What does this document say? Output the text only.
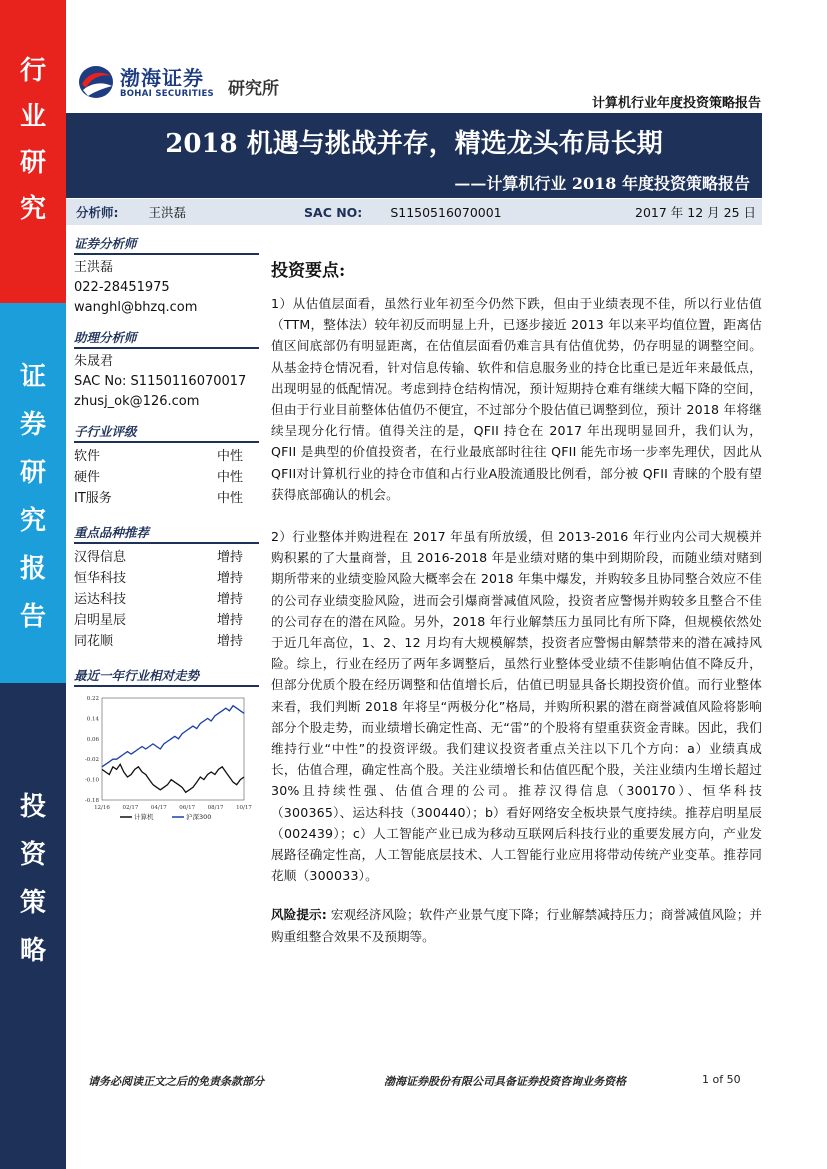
行
业
研
究
证
券
研
究
报
告
投
资
策
略
渤海证券
BOHAI SECURITIES 研究所
计算机行业年度投资策略报告
2018 机遇与挑战并存，精选龙头布局长期
——计算机行业 2018 年度投资策略报告
分析师: 王洪磊	SAC NO: S1150516070001	2017 年 12 月 25 日
证券分析师
王洪磊
022-28451975
wanghl@bhzq.com
助理分析师
朱晟君
SAC No: S1150116070017
zhusj_ok@126.com
子行业评级
软件	中性
硬件	中性
IT服务	中性
重点品种推荐
汉得信息	增持
恒华科技	增持
运达科技	增持
启明星辰	增持
同花顺	增持
最近一年行业相对走势
0.22
0.14
0.06
-0.02
-0.10
-0.18
12/16 02/17 04/17 06/17 08/17 10/17
计算机	沪深300
投资要点:

1）从估值层面看，虽然行业年初至今仍然下跌，但由于业绩表现不佳，所以行业估值（TTM，整体法）较年初反而明显上升，已逐步接近 2013 年以来平均值位置，距离估值区间底部仍有明显距离，在估值层面看仍难言具有估值优势，仍存明显的调整空间。从基金持仓情况看，针对信息传输、软件和信息服务业的持仓比重已是近年来最低点，出现明显的低配情况。考虑到持仓结构情况，预计短期持仓难有继续大幅下降的空间，但由于行业目前整体估值仍不便宜，不过部分个股估值已调整到位，预计 2018 年将继续呈现分化行情。值得关注的是，QFII 持仓在 2017 年出现明显回升，我们认为，QFII 是典型的价值投资者，在行业最底部时往往 QFII 能先市场一步率先理伏，因此从QFII对计算机行业的持仓市值和占行业A股流通股比例看，部分被 QFII 青睐的个股有望获得底部确认的机会。

2）行业整体并购进程在 2017 年虽有所放缓，但 2013-2016 年行业内公司大规模并购积累的了大量商誉，且 2016-2018 年是业绩对赌的集中到期阶段，而随业绩对赌到期所带来的业绩变脸风险大概率会在 2018 年集中爆发，并购较多且协同整合效应不佳的公司存业绩变脸风险，进而会引爆商誉减值风险，投资者应警惕并购较多且整合不佳的公司存在的潜在风险。另外，2018 年行业解禁压力虽同比有所下降，但规模依然处于近几年高位，1、2、12 月均有大规模解禁，投资者应警惕由解禁带来的潜在减持风险。综上，行业在经历了两年多调整后，虽然行业整体受业绩不佳影响估值不降反升，但部分优质个股在经历调整和估值增长后，估值已明显具备长期投资价值。而行业整体来看，我们判断 2018 年将呈“两极分化”格局，并购所积累的潜在商誉减值风险将影响部分个股走势，而业绩增长确定性高、无“雷”的个股将有望重获资金青睐。因此，我们维持行业“中性”的投资评级。我们建议投资者重点关注以下几个方向：a）业绩真成长，估值合理，确定性高个股。关注业绩增长和估值匹配个股，关注业绩内生增长超过 30%且持续性强、估值合理的公司。推荐汉得信息（300170）、恒华科技（300365）、运达科技（300440）；b）看好网络安全板块景气度持续。推荐启明星辰（002439）；c）人工智能产业已成为移动互联网后科技行业的重要发展方向，产业发展路径确定性高，人工智能底层技术、人工智能行业应用将带动传统产业变革。推荐同花顺（300033）。

风险提示: 宏观经济风险；软件产业景气度下降；行业解禁减持压力；商誉减值风险；并购重组整合效果不及预期等。
请务必阅读正文之后的免责条款部分	渤海证券股份有限公司具备证券投资咨询业务资格	1 of 50
